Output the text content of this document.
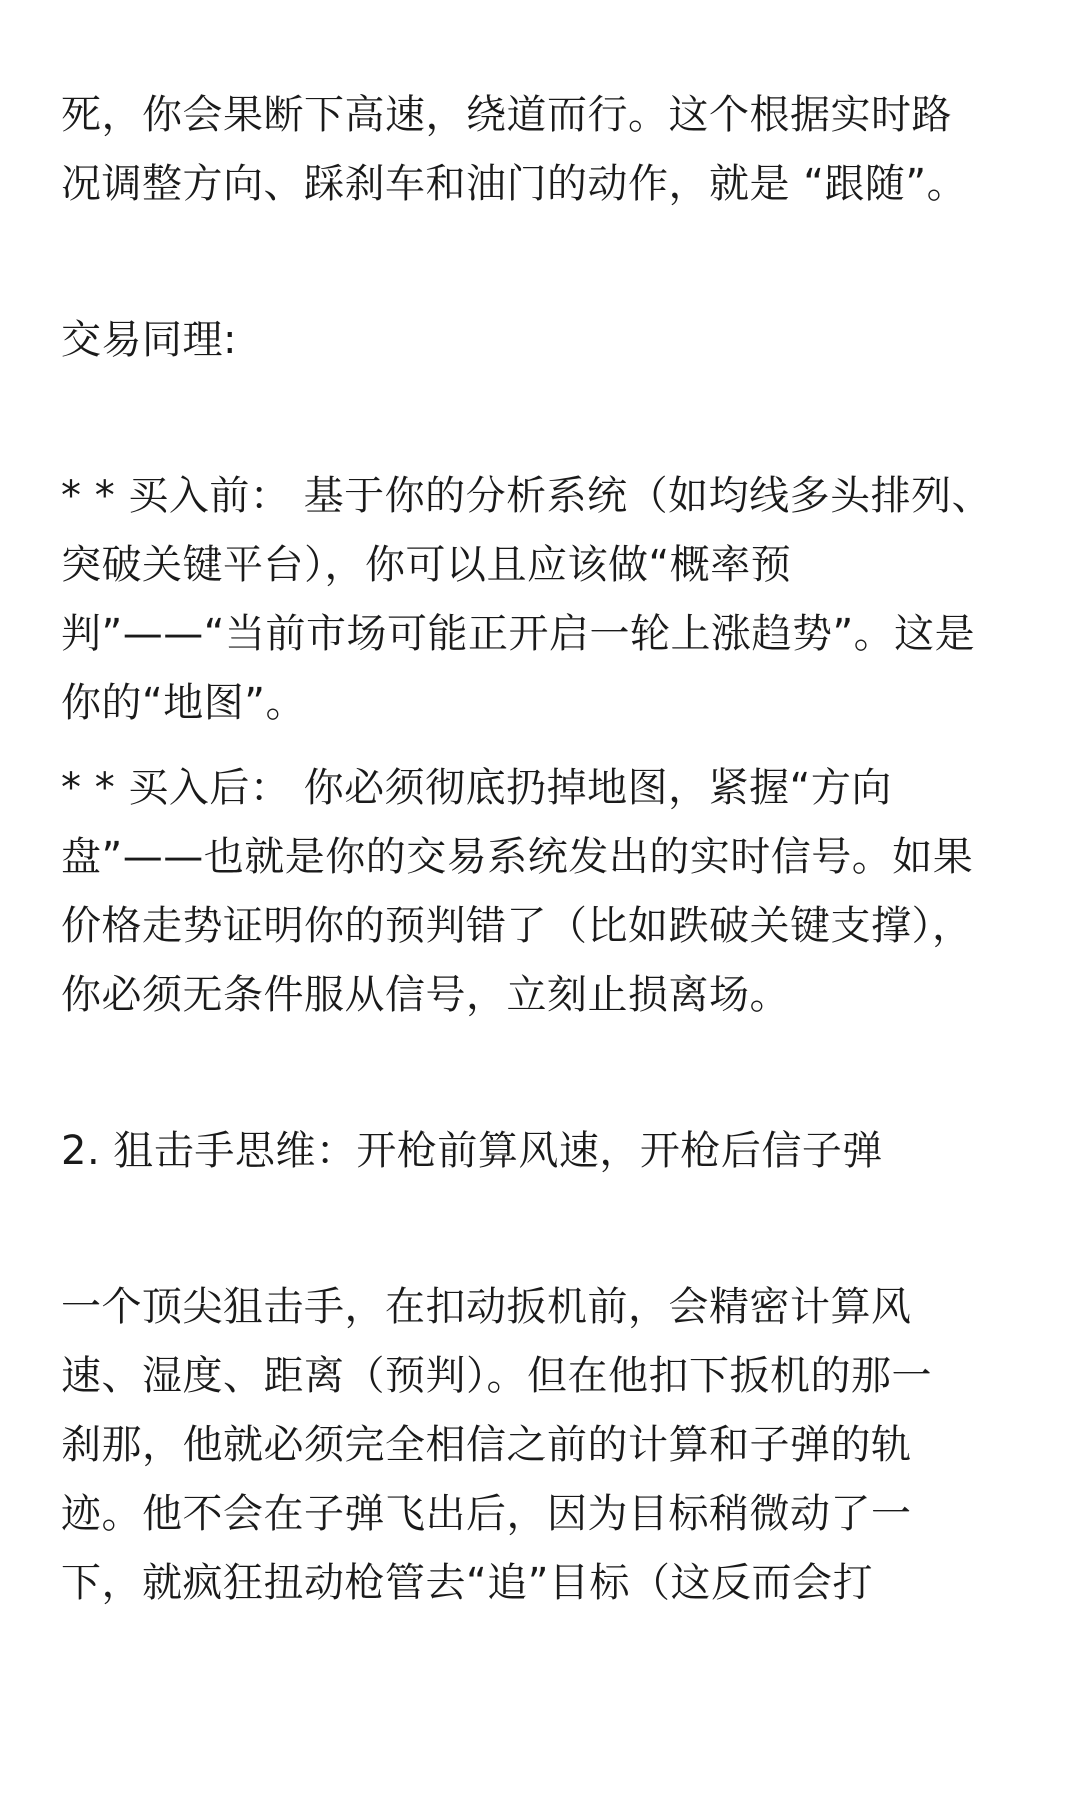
死，你会果断下高速，绕道而行。这个根据实时路
况调整方向、踩刹车和油门的动作，就是 “跟随”。
交易同理:
* * 买入前： 基于你的分析系统（如均线多头排列、
突破关键平台），你可以且应该做“概率预
判”——“当前市场可能正开启一轮上涨趋势”。这是
你的“地图”。
* * 买入后： 你必须彻底扔掉地图，紧握“方向
盘”——也就是你的交易系统发出的实时信号。如果
价格走势证明你的预判错了（比如跌破关键支撑），
你必须无条件服从信号，立刻止损离场。
2. 狙击手思维：开枪前算风速，开枪后信子弹
一个顶尖狙击手，在扣动扳机前，会精密计算风
速、湿度、距离（预判）。但在他扣下扳机的那一
刹那，他就必须完全相信之前的计算和子弹的轨
迹。他不会在子弹飞出后，因为目标稍微动了一
下，就疯狂扭动枪管去“追”目标（这反而会打
